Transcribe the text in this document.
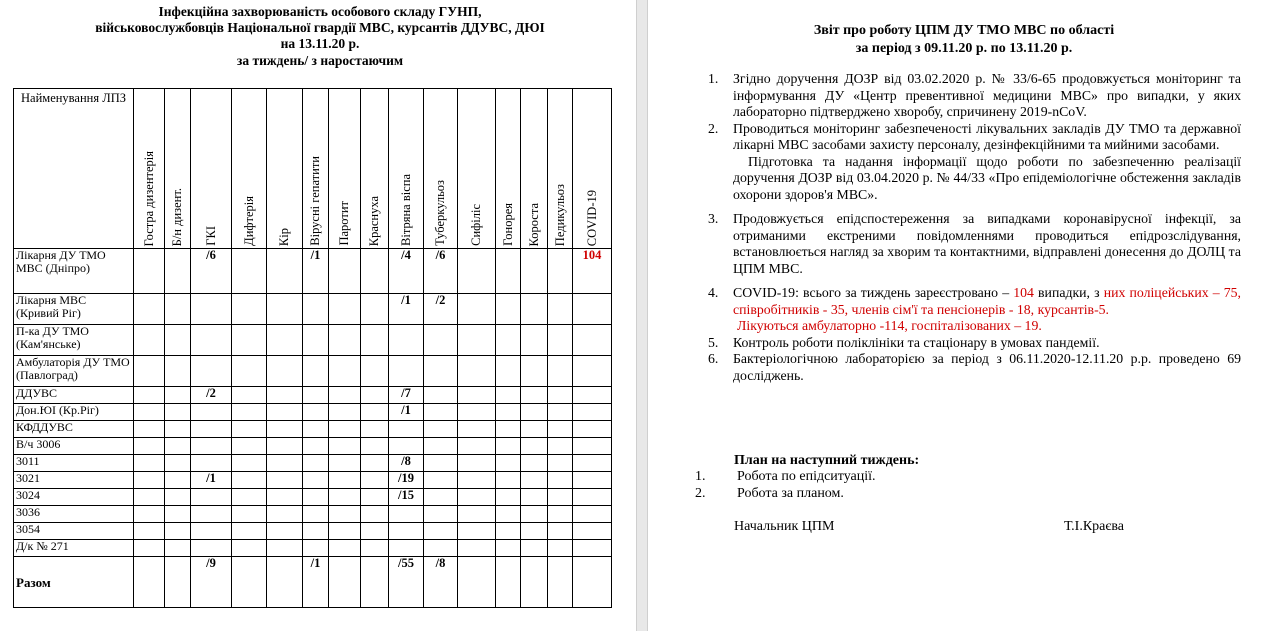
Інфекційна захворюваність особового складу ГУНП,
військовослужбовців Національної гвардії МВС, курсантів ДДУВС, ДЮІ
на 13.11.20 р.
за тиждень/ з наростаючим
Найменування ЛПЗ	Гостра дизентерія	Б/н дизент.	ГКІ	Дифтерія	Кір	Вірусні гепатити	Паротит	Краснуха	Вітряна віспа	Туберкульоз	Сифіліс	Гонорея	Короста	Педикульоз	COVID-19

Лікарня ДУ ТМО МВС (Дніпро)			/6			/1			/4	/6					104
Лікарня МВС (Кривий Ріг)									/1	/2					
П-ка ДУ ТМО (Кам'янське)															
Амбулаторія ДУ ТМО (Павлоград)															
ДДУВС			/2						/7						
Дон.ЮІ (Кр.Ріг)									/1						
КФДДУВС															
В/ч 3006															
3011									/8						
3021			/1						/19						
3024									/15						
3036															
3054															
Д/к № 271															
Разом			/9			/1			/55	/8					
Звіт про роботу ЦПМ ДУ ТМО МВС по області
за період з 09.11.20 р. по 13.11.20 р.
1. Згідно доручення ДОЗР від 03.02.2020 р. № 33/6-65 продовжується моніторинг та інформування ДУ «Центр превентивної медицини МВС» про випадки, у яких лабораторно підтверджено хворобу, спричинену 2019-nCoV.
2. Проводиться моніторинг забезпеченості лікувальних закладів ДУ ТМО та державної лікарні МВС засобами захисту персоналу, дезінфекційними та мийними засобами.
Підготовка та надання інформації щодо роботи по забезпеченню реалізації доручення ДОЗР від 03.04.2020 р. № 44/33 «Про епідеміологічне обстеження закладів охорони здоров'я МВС».
3. Продовжується епідспостереження за випадками коронавірусної інфекції, за отриманими екстреними повідомленнями проводиться епідрозслідування, встановлюється нагляд за хворим та контактними, відправлені донесення до ДОЛЦ та ЦПМ МВС.
4. COVID-19: всього за тиждень зареєстровано – 104 випадки, з них поліцейських – 75, співробітників - 35, членів сім'ї та пенсіонерів - 18, курсантів-5.
Лікуються амбулаторно -114, госпіталізованих – 19.
5. Контроль роботи поліклініки та стаціонару в умовах пандемії.
6. Бактеріологічною лабораторією за період з 06.11.2020-12.11.20 р.р. проведено 69 досліджень.
План на наступний тиждень:
1. Робота по епідситуації.
2. Робота за планом.
Начальник ЦПМ	Т.І.Краєва
